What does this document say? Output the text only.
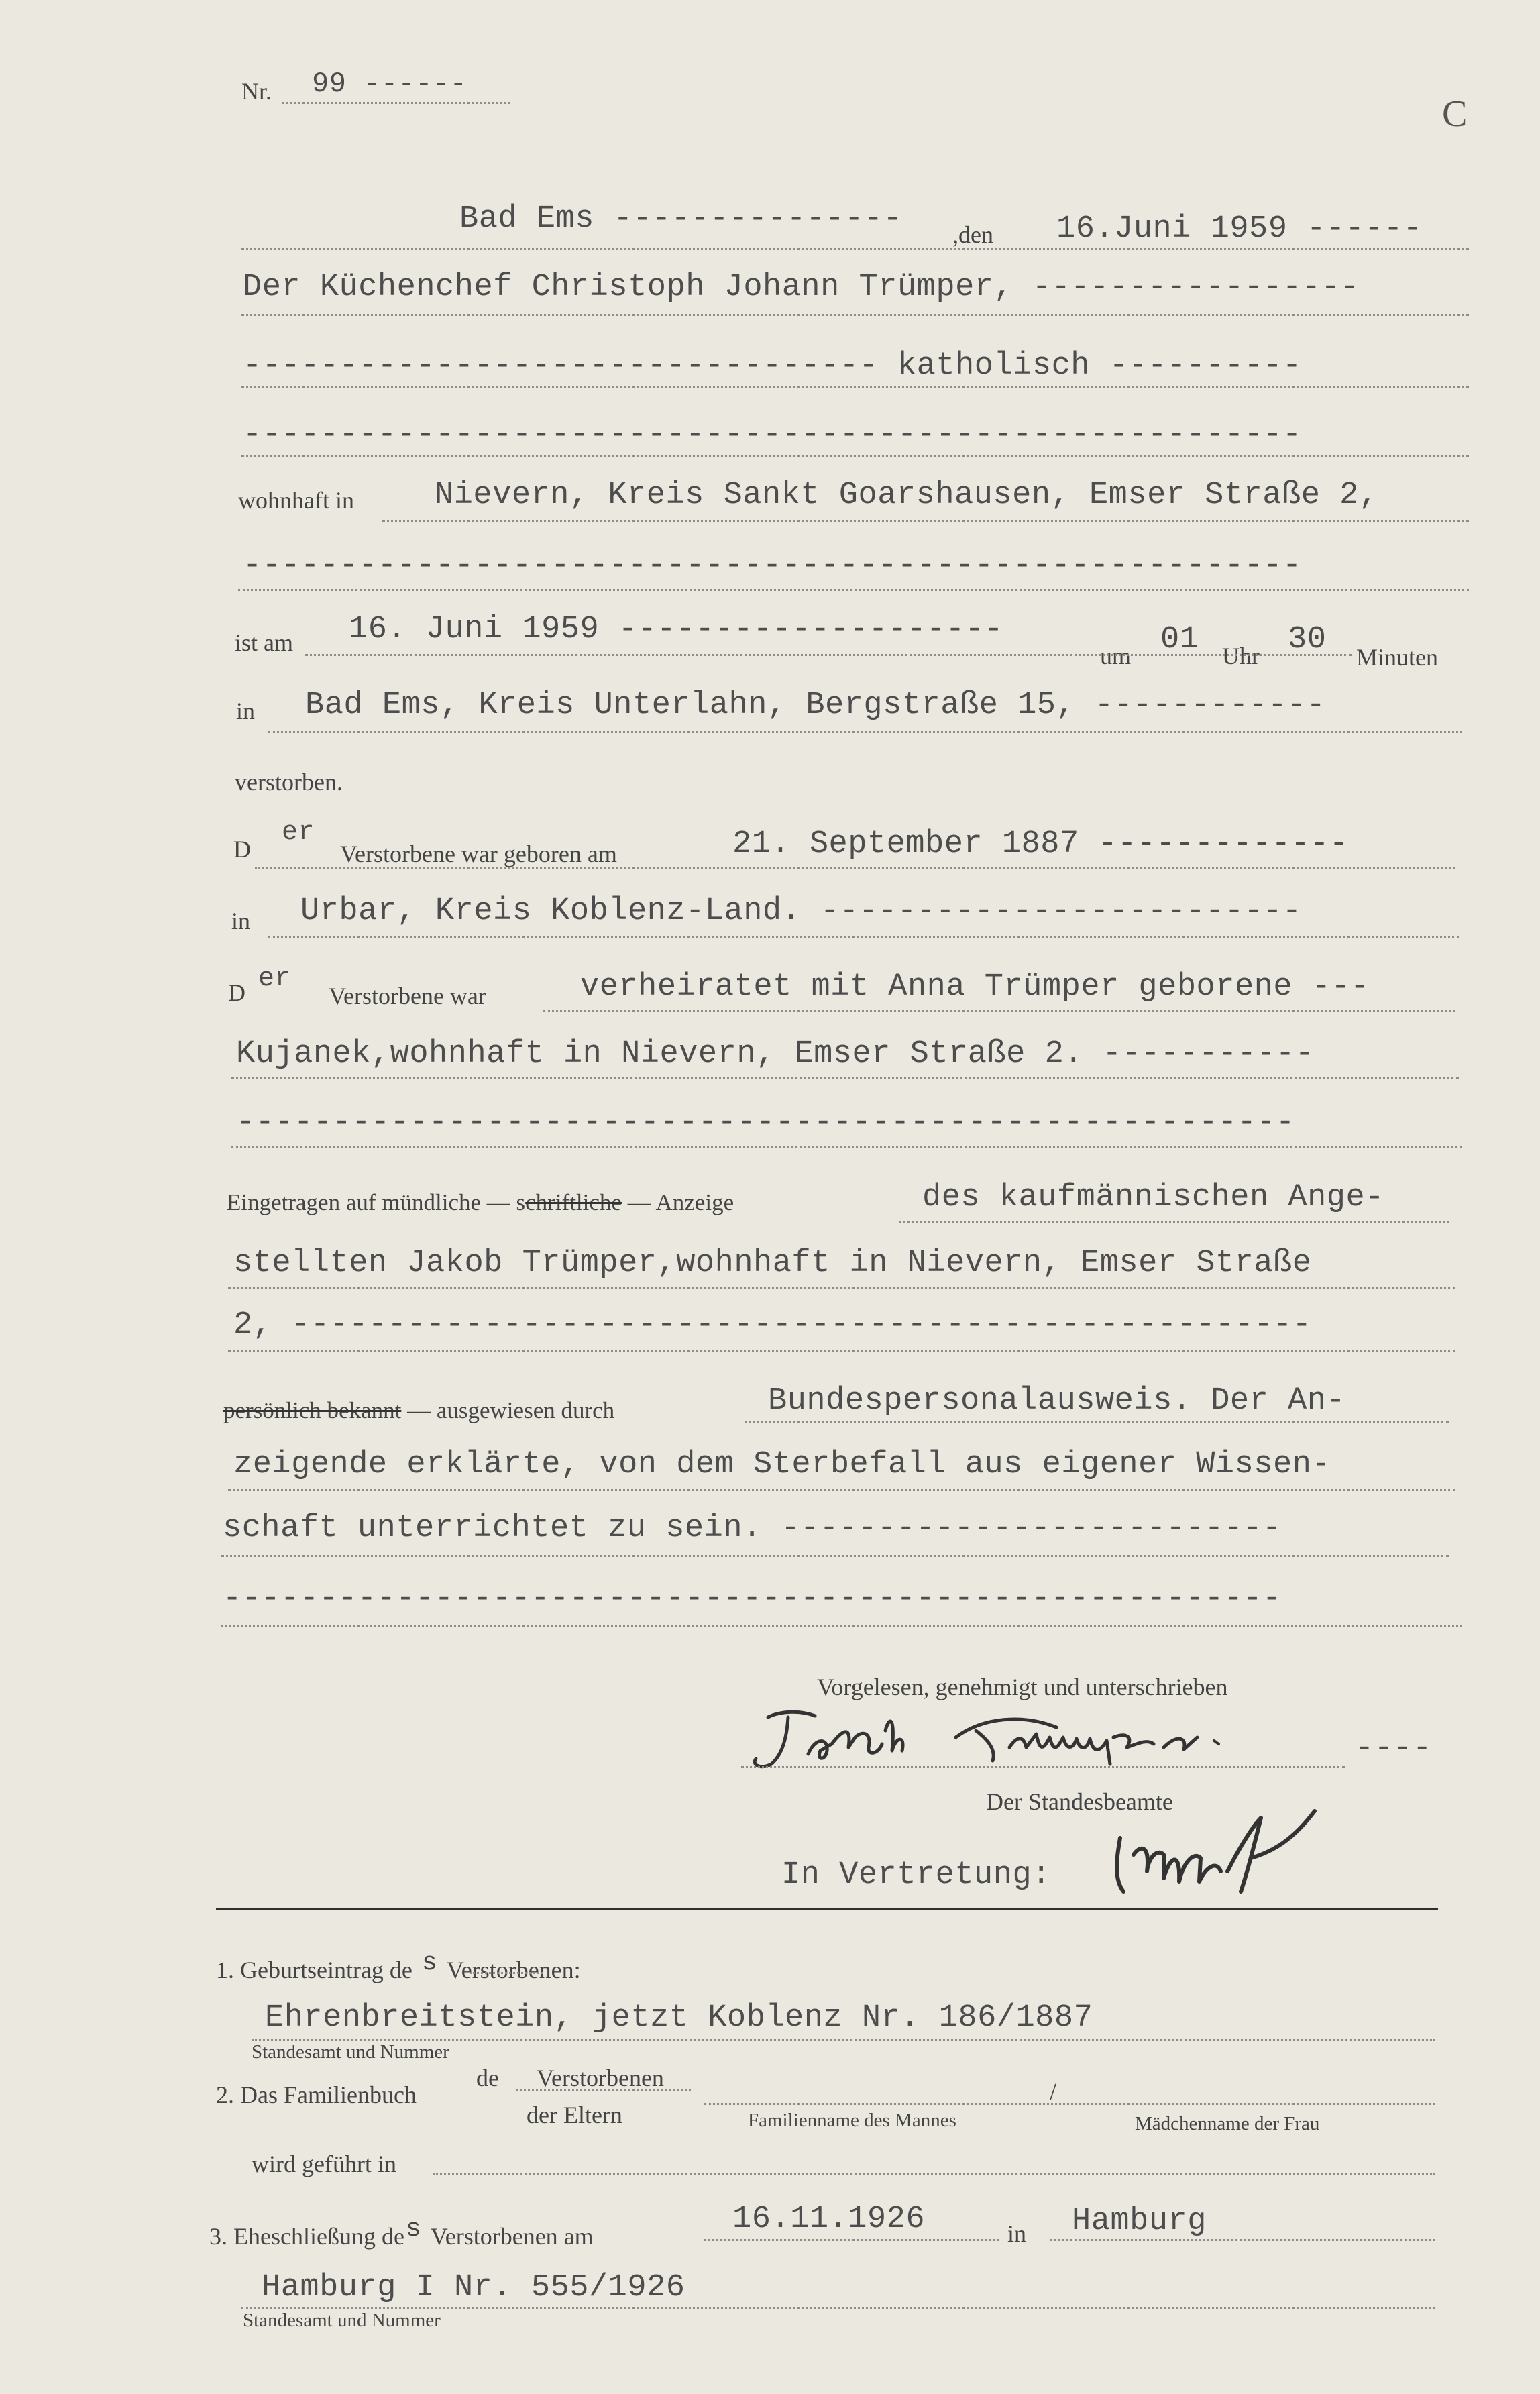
Nr. 99 ------
C
Bad Ems --------------- ,den 16.Juni 1959 ------
Der Küchenchef Christoph Johann Trümper, -----------------
--------------------------------- katholisch ----------
-------------------------------------------------------
wohnhaft in	Nievern, Kreis Sankt Goarshausen, Emser Straße 2,
-------------------------------------------------------
ist am 16. Juni 1959 --------------------
um 01 Uhr 30 Minuten
in Bad Ems, Kreis Unterlahn, Bergstraße 15, ------------
verstorben.
D
er
Verstorbene war geboren am	21. September 1887 -------------
in Urbar, Kreis Koblenz-Land. -------------------------
D er
Verstorbene war	verheiratet mit Anna Trümper geborene ---
Kujanek,wohnhaft in Nievern, Emser Straße 2. -----------
-------------------------------------------------------
Eingetragen auf mündliche — schriftliche — Anzeige	des kaufmännischen Ange-
stellten Jakob Trümper,wohnhaft in Nievern, Emser Straße
2, -----------------------------------------------------
persönlich bekannt — ausgewiesen durch	Bundespersonalausweis. Der An-
zeigende erklärte, von dem Sterbefall aus eigener Wissen-
schaft unterrichtet zu sein. --------------------------
-------------------------------------------------------
Vorgelesen, genehmigt und unterschrieben
----
Der Standesbeamte
In Vertretung:
1. Geburtseintrag de s Verstorbenen:
Ehrenbreitstein, jetzt Koblenz Nr. 186/1887
Standesamt und Nummer
2. Das Familienbuch
de Verstorbenen
der Eltern
/
Familienname des Mannes	Mädchenname der Frau
wird geführt in
3. Eheschließung des Verstorbenen am	16.11.1926	in Hamburg
Hamburg I Nr. 555/1926
Standesamt und Nummer
